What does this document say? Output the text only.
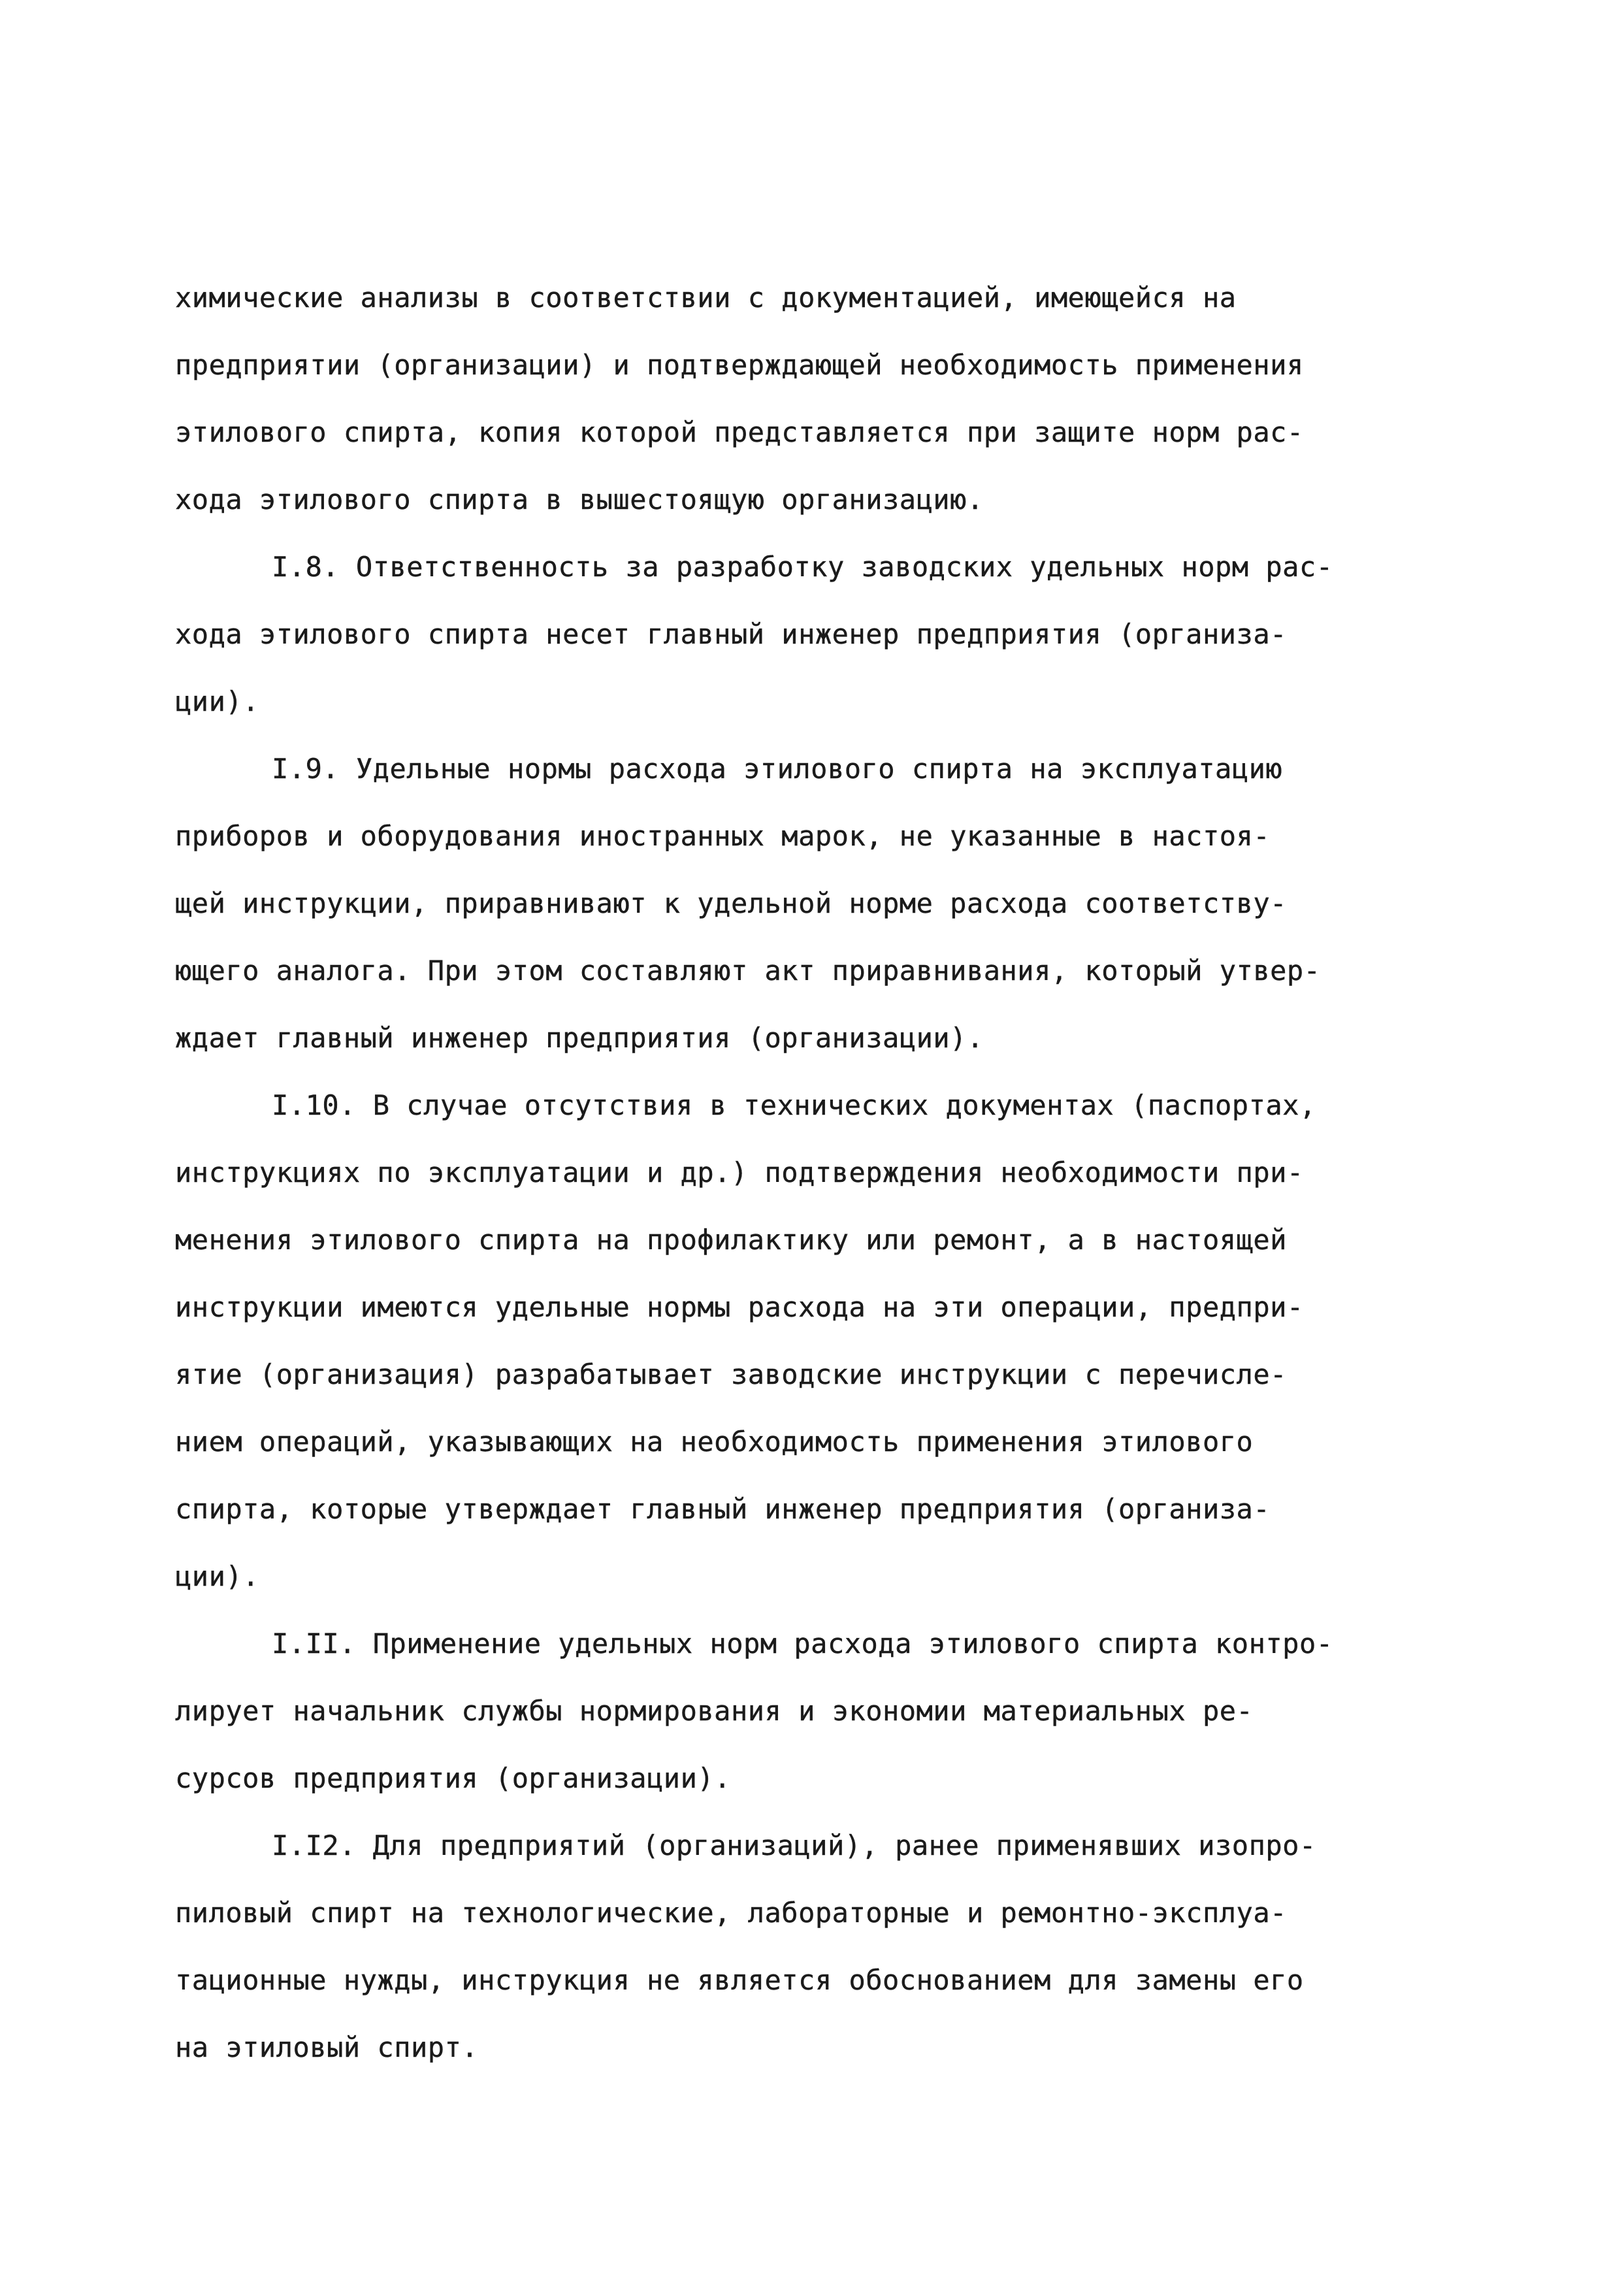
химические анализы в соответствии с документацией, имеющейся на
предприятии (организации) и подтверждающей необходимость применения
этилового спирта, копия которой представляется при защите норм рас-
хода этилового спирта в вышестоящую организацию.
I.8. Ответственность за разработку заводских удельных норм рас-
хода этилового спирта несет главный инженер предприятия (организа-
ции).
I.9. Удельные нормы расхода этилового спирта на эксплуатацию
приборов и оборудования иностранных марок, не указанные в настоя-
щей инструкции, приравнивают к удельной норме расхода соответству-
ющего аналога. При этом составляют акт приравнивания, который утвер-
ждает главный инженер предприятия (организации).
I.10. В случае отсутствия в технических документах (паспортах,
инструкциях по эксплуатации и др.) подтверждения необходимости при-
менения этилового спирта на профилактику или ремонт, а в настоящей
инструкции имеются удельные нормы расхода на эти операции, предпри-
ятие (организация) разрабатывает заводские инструкции с перечисле-
нием операций, указывающих на необходимость применения этилового
спирта, которые утверждает главный инженер предприятия (организа-
ции).
I.II. Применение удельных норм расхода этилового спирта контро-
лирует начальник службы нормирования и экономии материальных ре-
сурсов предприятия (организации).
I.I2. Для предприятий (организаций), ранее применявших изопро-
пиловый спирт на технологические, лабораторные и ремонтно-эксплуа-
тационные нужды, инструкция не является обоснованием для замены его
на этиловый спирт.
